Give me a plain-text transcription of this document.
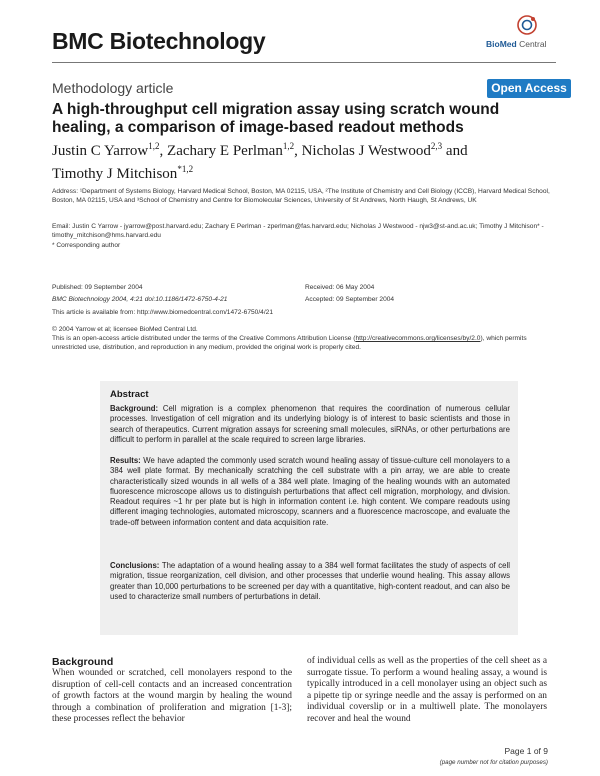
BMC Biotechnology	BioMed Central
Methodology article	Open Access
A high-throughput cell migration assay using scratch wound healing, a comparison of image-based readout methods
Justin C Yarrow$^{1,2}$, Zachary E Perlman$^{1,2}$, Nicholas J Westwood$^{2,3}$ and
Timothy J Mitchison$^{*1,2}$
Address: ¹Department of Systems Biology, Harvard Medical School, Boston, MA 02115, USA, ²The Institute of Chemistry and Cell Biology (ICCB), Harvard Medical School, Boston, MA 02115, USA and ³School of Chemistry and Centre for Biomolecular Sciences, University of St Andrews, North Haugh, St Andrews, UK
Email: Justin C Yarrow - jyarrow@post.harvard.edu; Zachary E Perlman - zperlman@fas.harvard.edu; Nicholas J Westwood - njw3@st-and.ac.uk; Timothy J Mitchison* - timothy_mitchison@hms.harvard.edu
* Corresponding author
Published: 09 September 2004
BMC Biotechnology 2004, 4:21 doi:10.1186/1472-6750-4-21
This article is available from: http://www.biomedcentral.com/1472-6750/4/21
Received: 06 May 2004
Accepted: 09 September 2004
© 2004 Yarrow et al; licensee BioMed Central Ltd.
This is an open-access article distributed under the terms of the Creative Commons Attribution License (http://creativecommons.org/licenses/by/2.0), which permits unrestricted use, distribution, and reproduction in any medium, provided the original work is properly cited.
Abstract
Background: Cell migration is a complex phenomenon that requires the coordination of numerous cellular processes. Investigation of cell migration and its underlying biology is of interest to basic scientists and those in search of therapeutics. Current migration assays for screening small molecules, siRNAs, or other perturbations are difficult to perform in parallel at the scale required to screen large libraries.
Results: We have adapted the commonly used scratch wound healing assay of tissue-culture cell monolayers to a 384 well plate format. By mechanically scratching the cell substrate with a pin array, we are able to create characteristically sized wounds in all wells of a 384 well plate. Imaging of the healing wounds with an automated fluorescence microscope allows us to distinguish perturbations that affect cell migration, morphology, and division. Readout requires ~1 hr per plate but is high in information content i.e. high content. We compare readouts using different imaging technologies, automated microscopy, scanners and a fluorescence macroscope, and evaluate the trade-off between information content and data acquisition rate.
Conclusions: The adaptation of a wound healing assay to a 384 well format facilitates the study of aspects of cell migration, tissue reorganization, cell division, and other processes that underlie wound healing. This assay allows greater than 10,000 perturbations to be screened per day with a quantitative, high-content readout, and can also be used to characterize small numbers of perturbations in detail.
Background
When wounded or scratched, cell monolayers respond to the disruption of cell-cell contacts and an increased concentration of growth factors at the wound margin by healing the wound through a combination of proliferation and migration [1-3]; these processes reflect the behavior
of individual cells as well as the properties of the cell sheet as a surrogate tissue. To perform a wound healing assay, a wound is typically introduced in a cell monolayer using an object such as a pipette tip or syringe needle and the assay is performed on an individual coverslip or in a multiwell plate. The monolayers recover and heal the wound
Page 1 of 9
(page number not for citation purposes)
